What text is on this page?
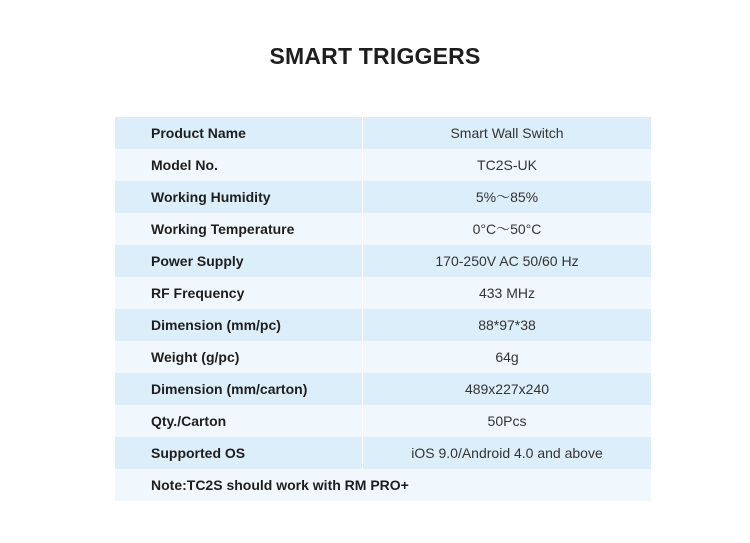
SMART TRIGGERS
Product Name	Smart Wall Switch
Model No.	TC2S-UK
Working Humidity	5%〜85%
Working Temperature	0°C〜50°C
Power Supply	170-250V AC 50/60 Hz
RF Frequency	433 MHz
Dimension (mm/pc)	88*97*38
Weight (g/pc)	64g
Dimension (mm/carton)	489x227x240
Qty./Carton	50Pcs
Supported OS	iOS 9.0/Android 4.0 and above
Note:TC2S should work with RM PRO+	
